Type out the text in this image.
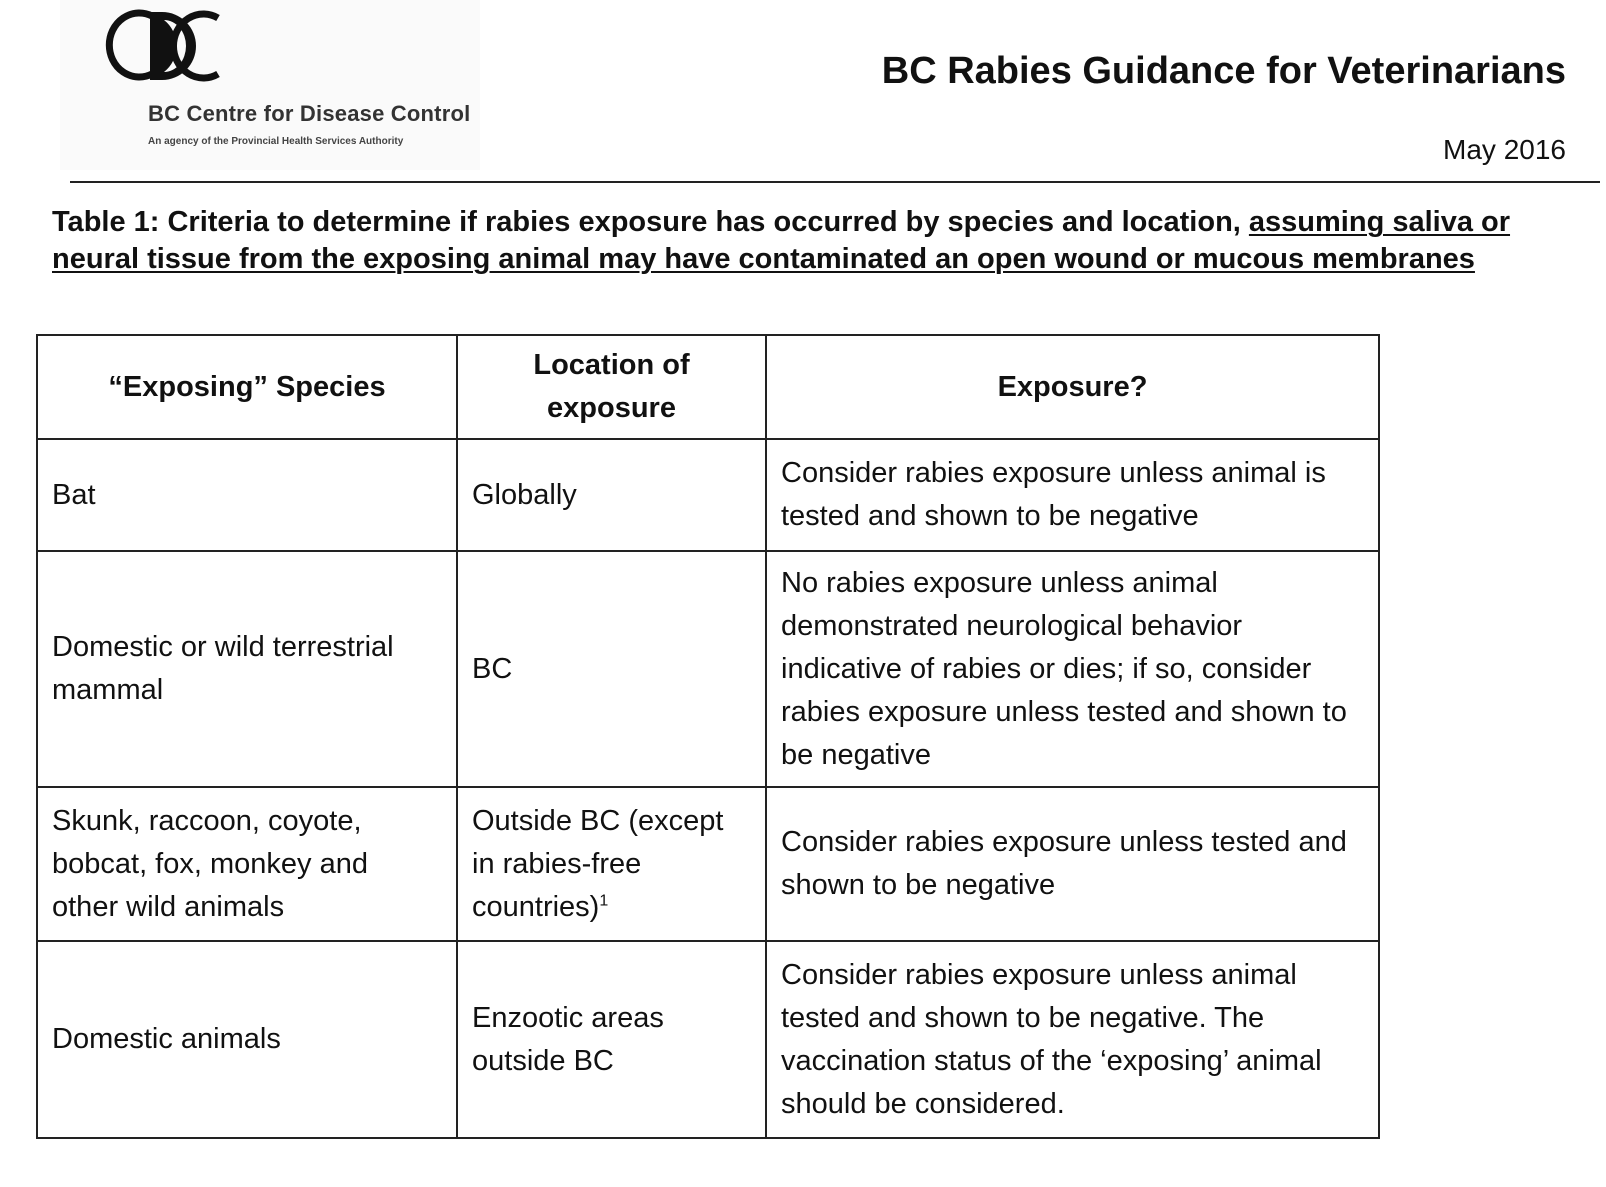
BC Centre for Disease Control
An agency of the Provincial Health Services Authority
BC Rabies Guidance for Veterinarians
May 2016
Table 1: Criteria to determine if rabies exposure has occurred by species and location, assuming saliva or neural tissue from the exposing animal may have contaminated an open wound or mucous membranes
“Exposing” Species	Location of exposure	Exposure?
Bat	Globally	Consider rabies exposure unless animal is tested and shown to be negative
Domestic or wild terrestrial mammal	BC	No rabies exposure unless animal demonstrated neurological behavior indicative of rabies or dies; if so, consider rabies exposure unless tested and shown to be negative
Skunk, raccoon, coyote, bobcat, fox, monkey and other wild animals	Outside BC (except in rabies-free countries)$^1$	Consider rabies exposure unless tested and shown to be negative
Domestic animals	Enzootic areas outside BC	Consider rabies exposure unless animal tested and shown to be negative. The vaccination status of the ‘exposing’ animal should be considered.
